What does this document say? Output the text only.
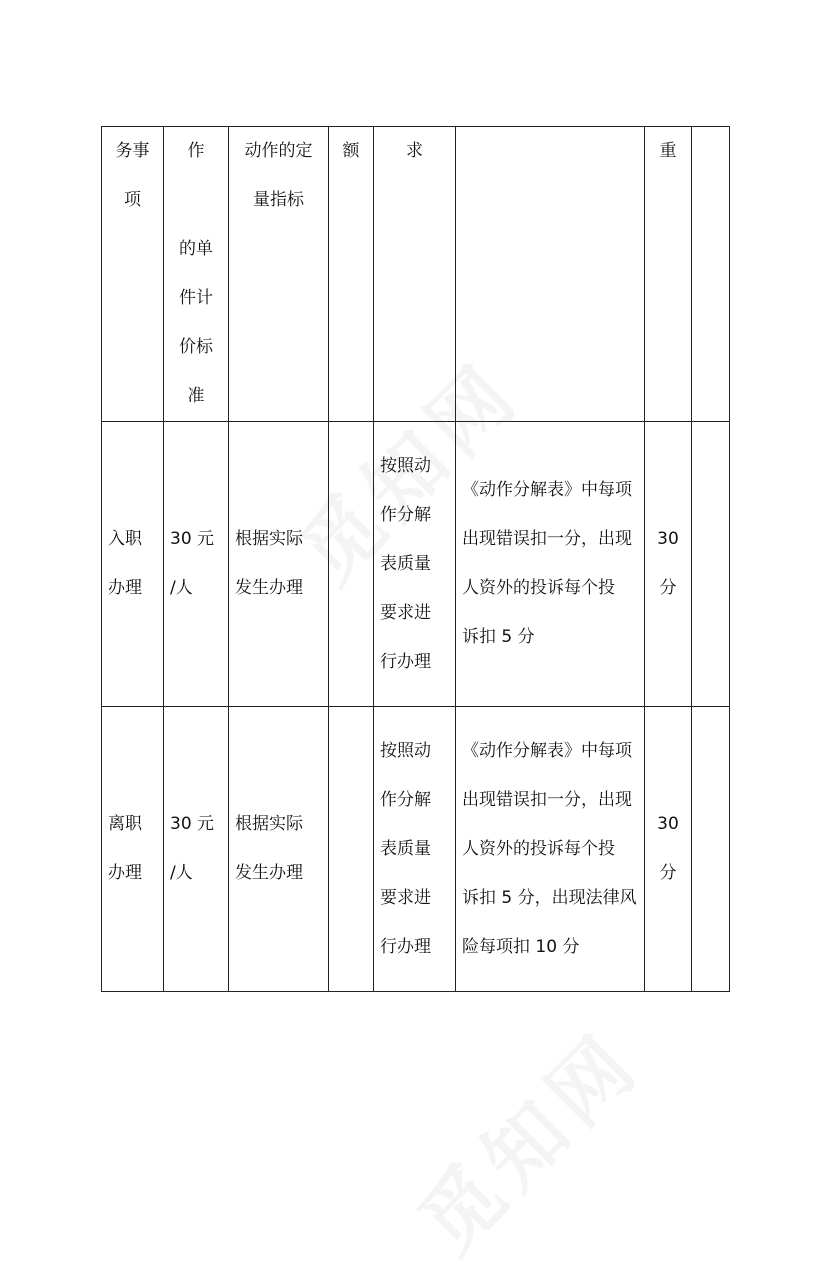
务事
项	作

的单
件计
价标
准	动作的定
量指标	额	求		重	
入职
办理	30 元
/人	根据实际
发生办理		按照动
作分解
表质量
要求进
行办理	《动作分解表》中每项
出现错误扣一分，出现
人资外的投诉每个投
诉扣 5 分	30
分	
离职
办理	30 元
/人	根据实际
发生办理		按照动
作分解
表质量
要求进
行办理	《动作分解表》中每项
出现错误扣一分，出现
人资外的投诉每个投
诉扣 5 分，出现法律风
险每项扣 10 分	30
分	
